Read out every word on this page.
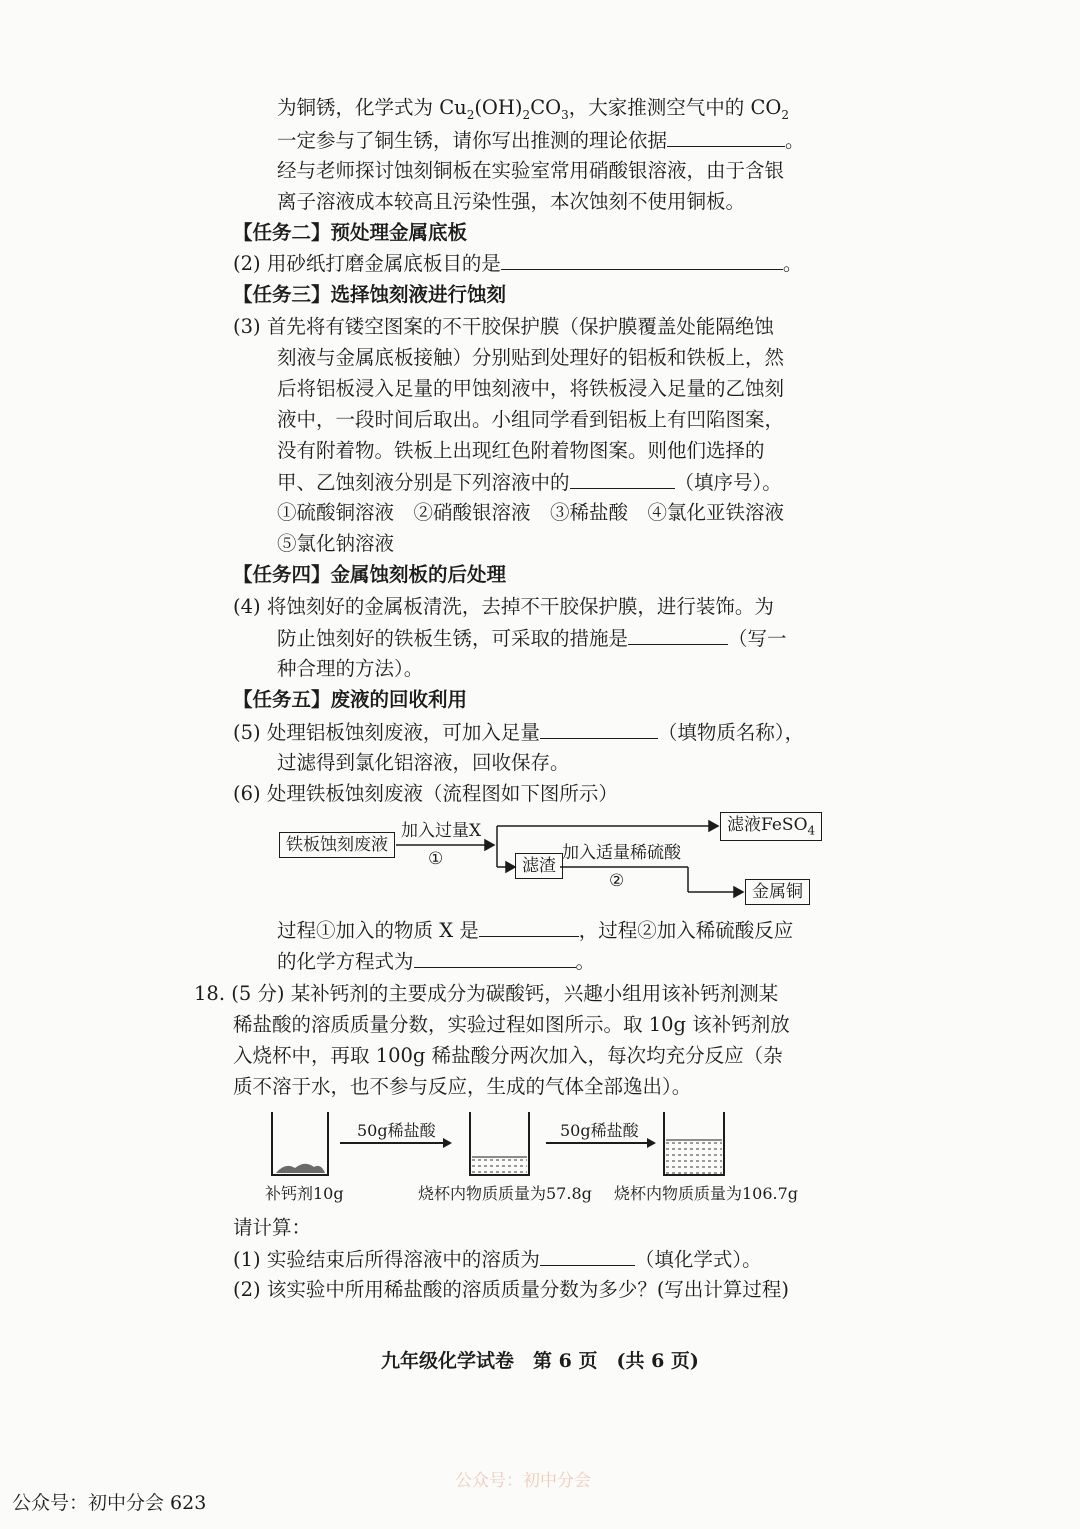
为铜锈，化学式为 $Cu_2(OH)_2CO_3$，大家推测空气中的 $CO_2$
一定参与了铜生锈，请你写出推测的理论依据	。
经与老师探讨蚀刻铜板在实验室常用硝酸银溶液，由于含银
离子溶液成本较高且污染性强，本次蚀刻不使用铜板。
【任务二】预处理金属底板
(2) 用砂纸打磨金属底板目的是	。
【任务三】选择蚀刻液进行蚀刻
(3) 首先将有镂空图案的不干胶保护膜（保护膜覆盖处能隔绝蚀
刻液与金属底板接触）分别贴到处理好的铝板和铁板上，然
后将铝板浸入足量的甲蚀刻液中，将铁板浸入足量的乙蚀刻
液中，一段时间后取出。小组同学看到铝板上有凹陷图案，
没有附着物。铁板上出现红色附着物图案。则他们选择的
甲、乙蚀刻液分别是下列溶液中的	（填序号）。
①硫酸铜溶液　②硝酸银溶液　③稀盐酸　④氯化亚铁溶液
⑤氯化钠溶液
【任务四】金属蚀刻板的后处理
(4) 将蚀刻好的金属板清洗，去掉不干胶保护膜，进行装饰。为
防止蚀刻好的铁板生锈，可采取的措施是	（写一
种合理的方法）。
【任务五】废液的回收利用
(5) 处理铝板蚀刻废液，可加入足量	（填物质名称），
过滤得到氯化铝溶液，回收保存。
(6) 处理铁板蚀刻废液（流程图如下图所示）
铁板蚀刻废液
加入过量X
①
滤液FeSO$_4$
滤渣
加入适量稀硫酸
②
金属铜
过程①加入的物质 X 是	，过程②加入稀硫酸反应
的化学方程式为	。
18. (5 分) 某补钙剂的主要成分为碳酸钙，兴趣小组用该补钙剂测某
稀盐酸的溶质质量分数，实验过程如图所示。取 10g 该补钙剂放
入烧杯中，再取 100g 稀盐酸分两次加入，每次均充分反应（杂
质不溶于水，也不参与反应，生成的气体全部逸出）。
50g稀盐酸	50g稀盐酸
补钙剂10g	烧杯内物质质量为57.8g 烧杯内物质质量为106.7g
请计算：
(1) 实验结束后所得溶液中的溶质为	（填化学式）。
(2) 该实验中所用稀盐酸的溶质质量分数为多少？(写出计算过程)
九年级化学试卷　第 6 页　(共 6 页)
公众号：初中分会
公众号：初中分会 623
